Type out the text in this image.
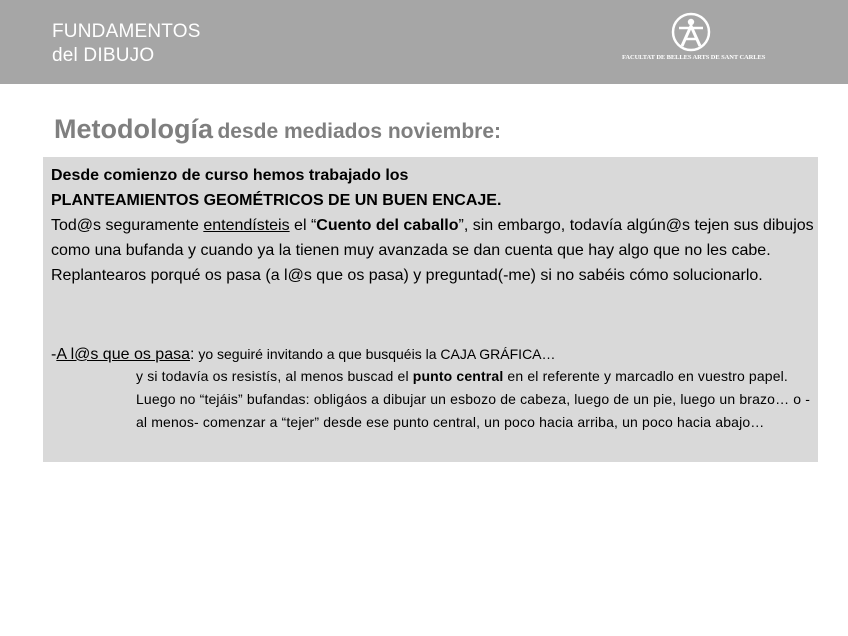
FUNDAMENTOS
del DIBUJO	FACULTAT DE BELLES ARTS DE SANT CARLES
Metodología desde mediados noviembre:
Desde comienzo de curso hemos trabajado los
PLANTEAMIENTOS GEOMÉTRICOS DE UN BUEN ENCAJE.
Tod@s seguramente entendísteis el “Cuento del caballo”, sin embargo, todavía algún@s tejen sus dibujos como una bufanda y cuando ya la tienen muy avanzada se dan cuenta que hay algo que no les cabe. Replantearos porqué os pasa (a l@s que os pasa) y preguntad(-me) si no sabéis cómo solucionarlo.
-A l@s que os pasa: yo seguiré invitando a que busquéis la CAJA GRÁFICA…
y si todavía os resistís, al menos buscad el punto central en el referente y marcadlo en vuestro papel. Luego no “tejáis” bufandas: obligáos a dibujar un esbozo de cabeza, luego de un pie, luego un brazo… o -al menos- comenzar a “tejer” desde ese punto central, un poco hacia arriba, un poco hacia abajo…
